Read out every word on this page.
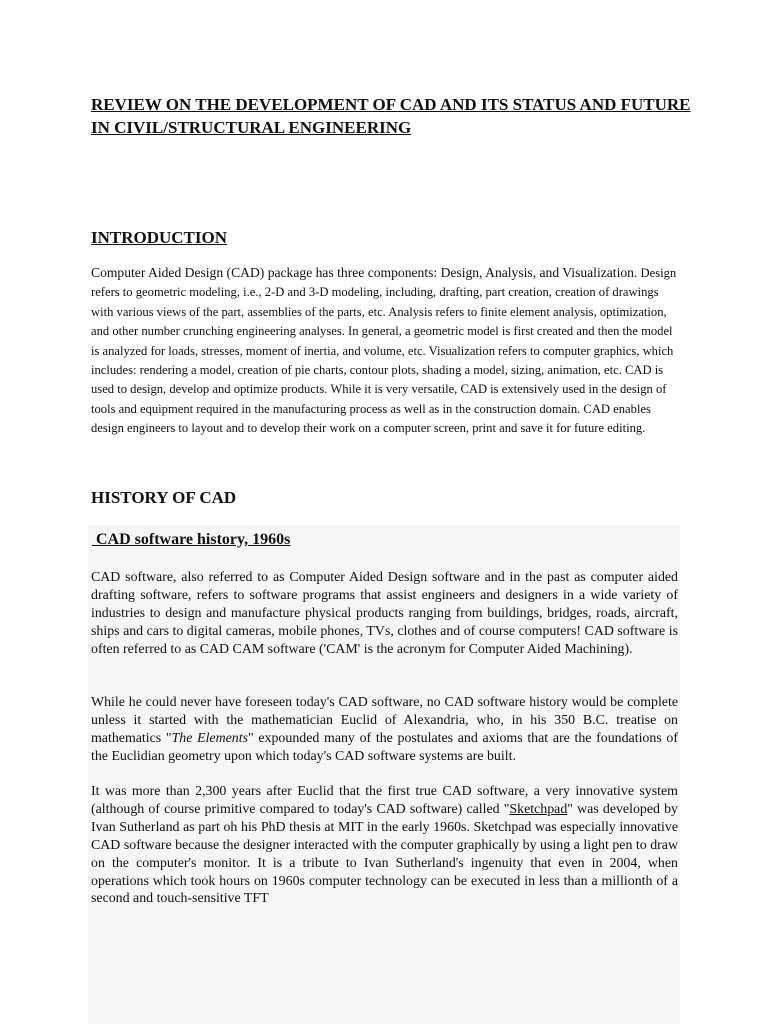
REVIEW ON THE DEVELOPMENT OF CAD AND ITS STATUS AND FUTURE IN CIVIL/STRUCTURAL ENGINEERING
INTRODUCTION

Computer Aided Design (CAD) package has three components: Design, Analysis, and Visualization. Design refers to geometric modeling, i.e., 2-D and 3-D modeling, including, drafting, part creation, creation of drawings with various views of the part, assemblies of the parts, etc. Analysis refers to finite element analysis, optimization, and other number crunching engineering analyses. In general, a geometric model is first created and then the model is analyzed for loads, stresses, moment of inertia, and volume, etc. Visualization refers to computer graphics, which includes: rendering a model, creation of pie charts, contour plots, shading a model, sizing, animation, etc. CAD is used to design, develop and optimize products. While it is very versatile, CAD is extensively used in the design of tools and equipment required in the manufacturing process as well as in the construction domain. CAD enables design engineers to layout and to develop their work on a computer screen, print and save it for future editing.

HISTORY OF CAD
CAD software history, 1960s

CAD software, also referred to as Computer Aided Design software and in the past as computer aided drafting software, refers to software programs that assist engineers and designers in a wide variety of industries to design and manufacture physical products ranging from buildings, bridges, roads, aircraft, ships and cars to digital cameras, mobile phones, TVs, clothes and of course computers! CAD software is often referred to as CAD CAM software ('CAM' is the acronym for Computer Aided Machining).

While he could never have foreseen today's CAD software, no CAD software history would be complete unless it started with the mathematician Euclid of Alexandria, who, in his 350 B.C. treatise on mathematics "The Elements" expounded many of the postulates and axioms that are the foundations of the Euclidian geometry upon which today's CAD software systems are built.

It was more than 2,300 years after Euclid that the first true CAD software, a very innovative system (although of course primitive compared to today's CAD software) called "Sketchpad" was developed by Ivan Sutherland as part oh his PhD thesis at MIT in the early 1960s. Sketchpad was especially innovative CAD software because the designer interacted with the computer graphically by using a light pen to draw on the computer's monitor. It is a tribute to Ivan Sutherland's ingenuity that even in 2004, when operations which took hours on 1960s computer technology can be executed in less than a millionth of a second and touch-sensitive TFT
